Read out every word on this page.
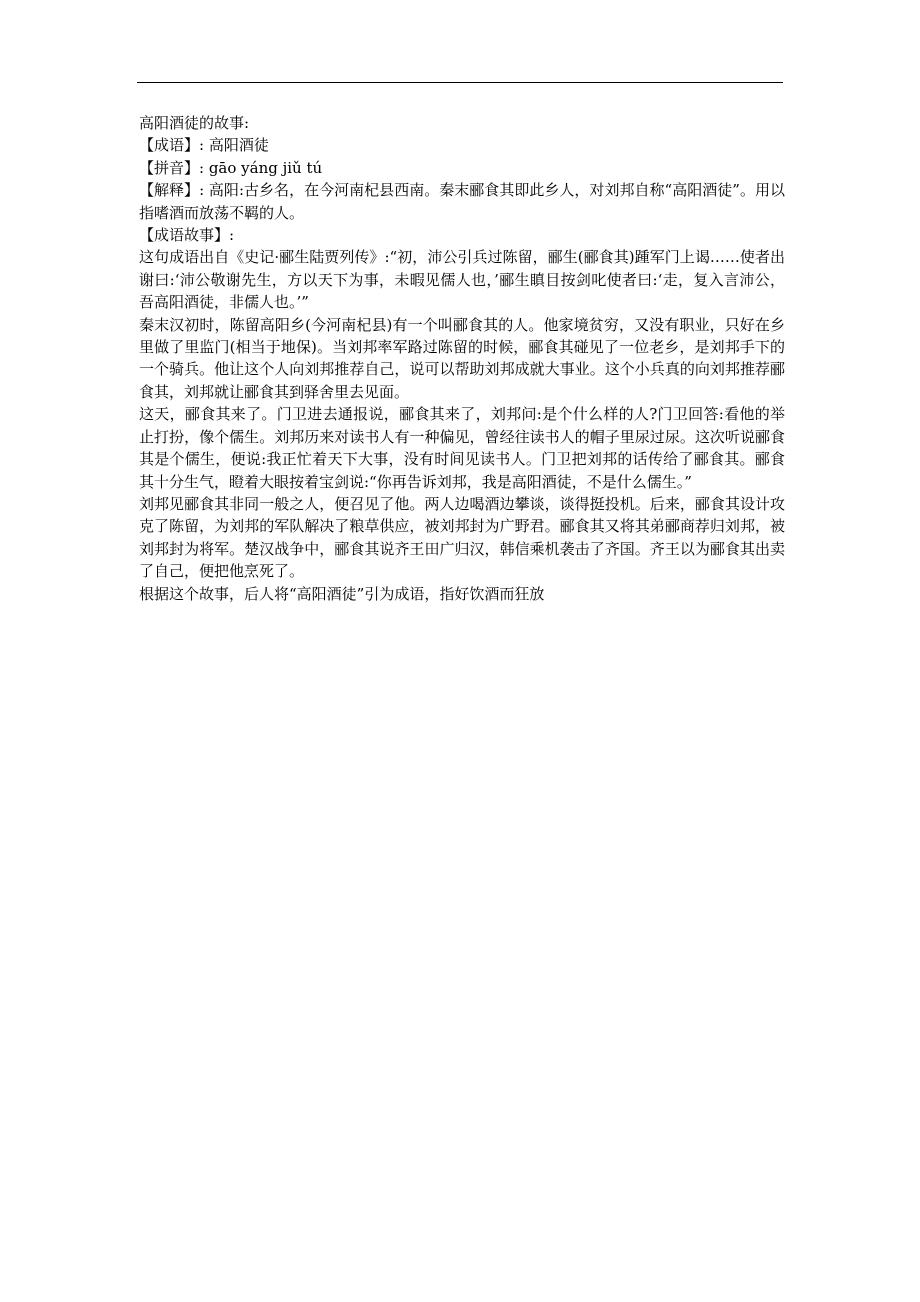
高阳酒徒的故事:

【成语】: 高阳酒徒

【拼音】: gāo yáng jiǔ tú

【解释】: 高阳:古乡名，在今河南杞县西南。秦末郦食其即此乡人，对刘邦自称“高阳酒徒”。用以指嗜酒而放荡不羁的人。

【成语故事】:

这句成语出自《史记·郦生陆贾列传》:“初，沛公引兵过陈留，郦生(郦食其)踵军门上谒……使者出谢曰:‘沛公敬谢先生，方以天下为事，未暇见儒人也，’郦生瞋目按剑叱使者曰:‘走，复入言沛公，吾高阳酒徒，非儒人也。’”

秦末汉初时，陈留高阳乡(今河南杞县)有一个叫郦食其的人。他家境贫穷，又没有职业，只好在乡里做了里监门(相当于地保)。当刘邦率军路过陈留的时候，郦食其碰见了一位老乡，是刘邦手下的一个骑兵。他让这个人向刘邦推荐自己，说可以帮助刘邦成就大事业。这个小兵真的向刘邦推荐郦食其，刘邦就让郦食其到驿舍里去见面。

这天，郦食其来了。门卫进去通报说，郦食其来了，刘邦问:是个什么样的人?门卫回答:看他的举止打扮，像个儒生。刘邦历来对读书人有一种偏见，曾经往读书人的帽子里尿过尿。这次听说郦食其是个儒生，便说:我正忙着天下大事，没有时间见读书人。门卫把刘邦的话传给了郦食其。郦食其十分生气，瞪着大眼按着宝剑说:“你再告诉刘邦，我是高阳酒徒，不是什么儒生。”

刘邦见郦食其非同一般之人，便召见了他。两人边喝酒边攀谈，谈得挺投机。后来，郦食其设计攻克了陈留，为刘邦的军队解决了粮草供应，被刘邦封为广野君。郦食其又将其弟郦商荐归刘邦，被刘邦封为将军。楚汉战争中，郦食其说齐王田广归汉，韩信乘机袭击了齐国。齐王以为郦食其出卖了自己，便把他烹死了。

根据这个故事，后人将“高阳酒徒”引为成语，指好饮酒而狂放
